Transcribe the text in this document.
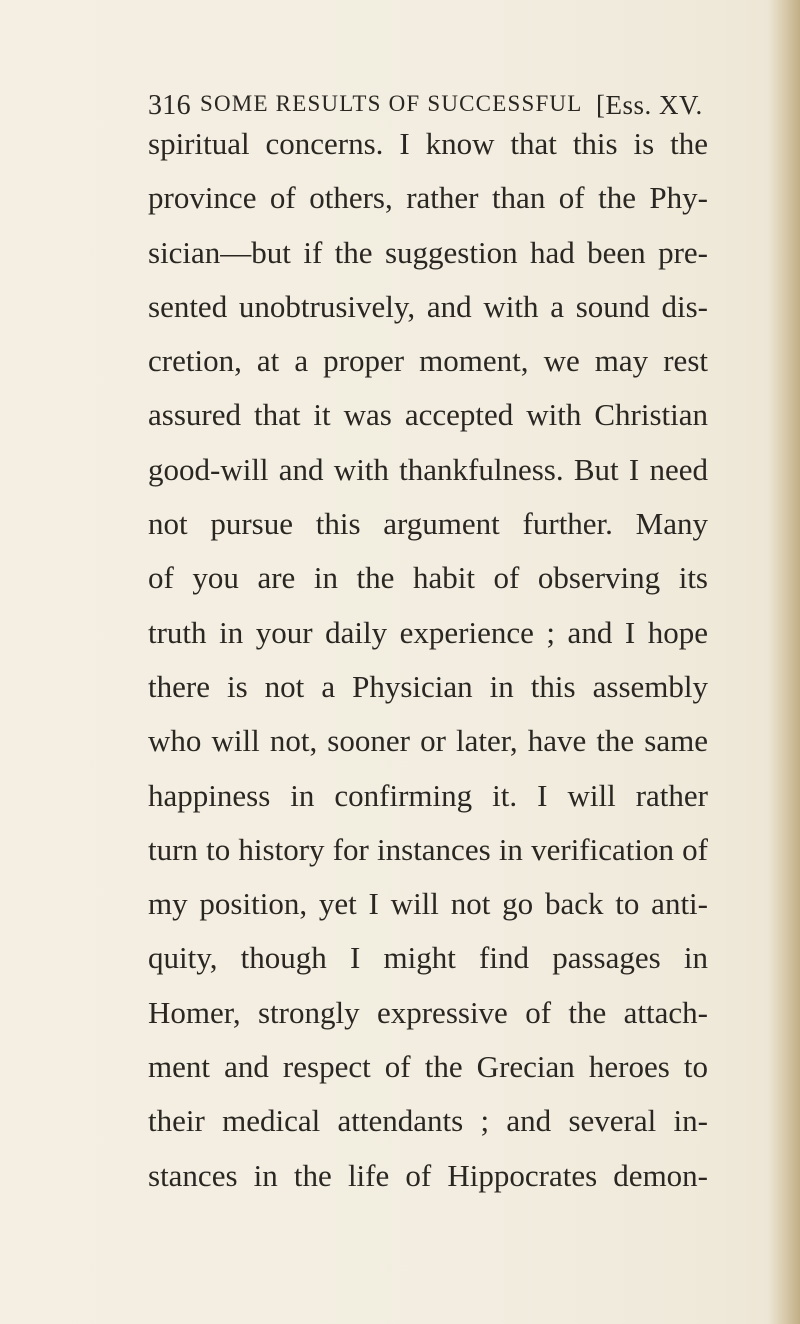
316 SOME RESULTS OF SUCCESSFUL [Ess. XV.
spiritual concerns. I know that this is the
province of others, rather than of the Phy-
sician—but if the suggestion had been pre-
sented unobtrusively, and with a sound dis-
cretion, at a proper moment, we may rest
assured that it was accepted with Christian
good-will and with thankfulness. But I need
not pursue this argument further. Many
of you are in the habit of observing its
truth in your daily experience ; and I hope
there is not a Physician in this assembly
who will not, sooner or later, have the same
happiness in confirming it. I will rather
turn to history for instances in verification of
my position, yet I will not go back to anti-
quity, though I might find passages in
Homer, strongly expressive of the attach-
ment and respect of the Grecian heroes to
their medical attendants ; and several in-
stances in the life of Hippocrates demon-
